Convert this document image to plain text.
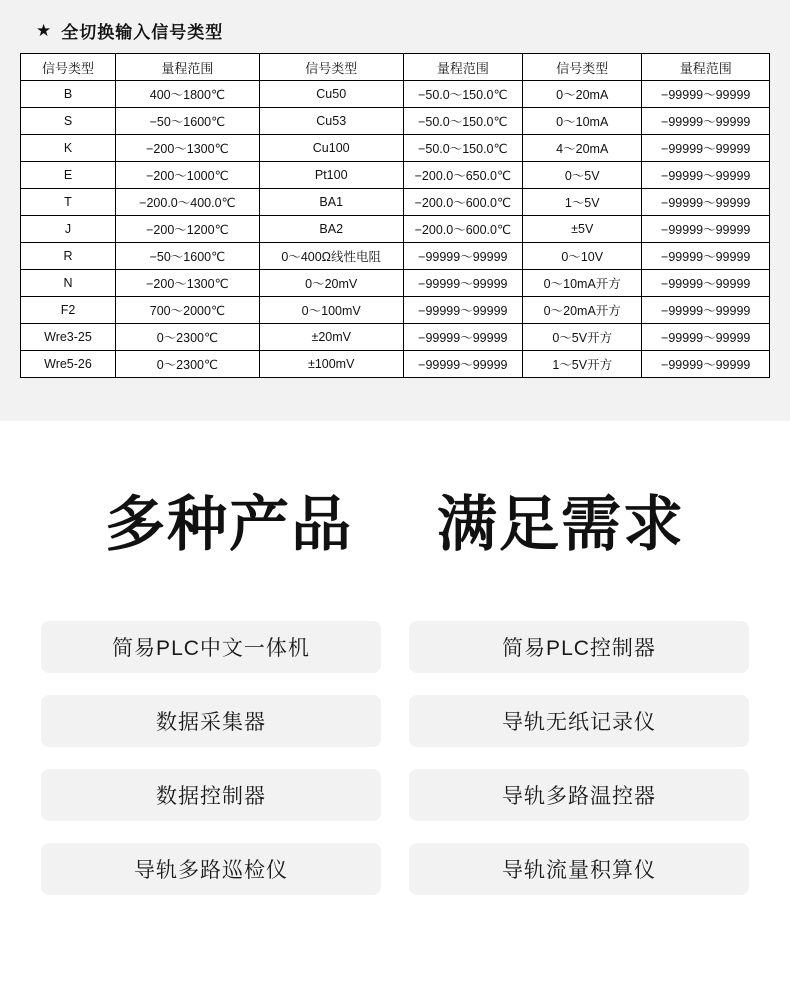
★ 全切换输入信号类型
信号类型	量程范围	信号类型	量程范围	信号类型	量程范围
B	400～1800℃	Cu50	−50.0～150.0℃	0～20mA	−99999～99999
S	−50～1600℃	Cu53	−50.0～150.0℃	0～10mA	−99999～99999
K	−200～1300℃	Cu100	−50.0～150.0℃	4～20mA	−99999～99999
E	−200～1000℃	Pt100	−200.0～650.0℃	0～5V	−99999～99999
T	−200.0～400.0℃	BA1	−200.0～600.0℃	1～5V	−99999～99999
J	−200～1200℃	BA2	−200.0～600.0℃	±5V	−99999～99999
R	−50～1600℃	0～400Ω线性电阻	−99999～99999	0～10V	−99999～99999
N	−200～1300℃	0～20mV	−99999～99999	0～10mA开方	−99999～99999
F2	700～2000℃	0～100mV	−99999～99999	0～20mA开方	−99999～99999
Wre3-25	0～2300℃	±20mV	−99999～99999	0～5V开方	−99999～99999
Wre5-26	0～2300℃	±100mV	−99999～99999	1～5V开方	−99999～99999
多种产品 满足需求
简易PLC中文一体机	简易PLC控制器
数据采集器	导轨无纸记录仪
数据控制器	导轨多路温控器
导轨多路巡检仪	导轨流量积算仪
